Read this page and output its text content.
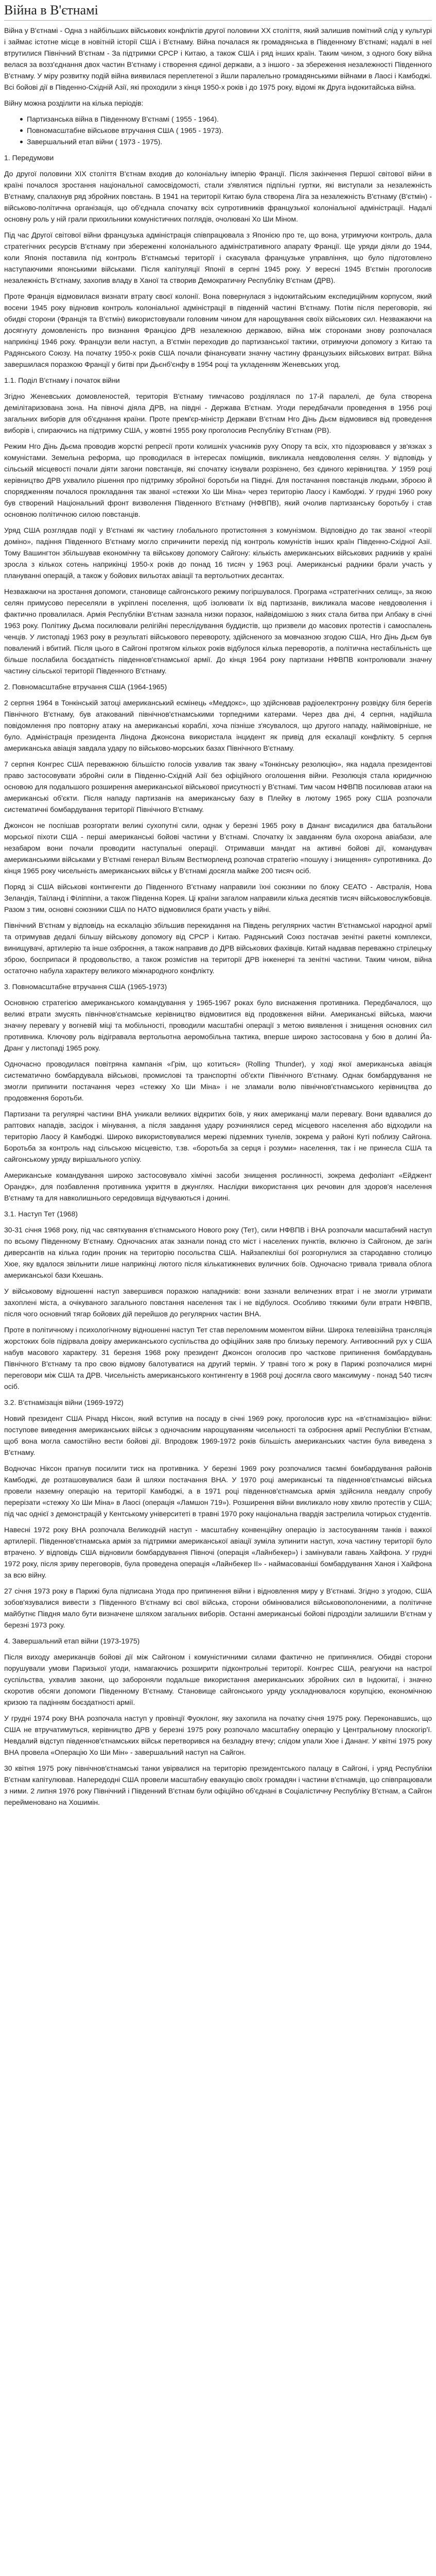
Війна в В'єтнамі

Війна у В'єтнамі - Одна з найбільших військових конфліктів другої половини XX століття, який залишив помітний слід у культурі і займає істотне місце в новітній історії США і В'єтнаму. Війна почалася як громадянська в Південному В'єтнамі; надалі в неї втрутилися Північний В'єтнам - За підтримки СРСР і Китаю, а також США і ряд інших країн. Таким чином, з одного боку війна велася за возз'єднання двох частин В'єтнаму і створення єдиної держави, а з іншого - за збереження незалежності Південного В'єтнаму. У міру розвитку подій війна виявилася переплетеної з йшли паралельно громадянськими війнами в Лаосі і Камбоджі. Всі бойові дії в Південно-Східній Азії, які проходили з кінця 1950-х років і до 1975 року, відомі як Друга індокитайська війна.

Війну можна розділити на кілька періодів:

Партизанська війна в Південному В'єтнамі ( 1955 - 1964).
Повномасштабне військове втручання США ( 1965 - 1973).
Завершальний етап війни ( 1973 - 1975).

1. Передумови

До другої половини XIX століття В'єтнам входив до колоніальну імперію Франції. Після закінчення Першої світової війни в країні почалося зростання національної самосвідомості, стали з'являтися підпільні гуртки, які виступали за незалежність В'єтнаму, спалахнув ряд збройних повстань. В 1941 на території Китаю була створена Ліга за незалежність В'єтнаму (В'єтмін) - військово-політична організація, що об'єднала спочатку всіх супротивників французької колоніальної адміністрації. Надалі основну роль у ній грали прихильники комуністичних поглядів, очолювані Хо Ши Міном.

Під час Другої світової війни французька адміністрація співпрацювала з Японією про те, що вона, утримуючи контроль, дала стратегічних ресурсів В'єтнаму при збереженні колоніального адміністративного апарату Франції. Ще уряди діяли до 1944, коли Японія поставила під контроль В'єтнамські території і скасувала французьке управління, що було підготовлено наступаючими японськими військами. Після капітуляції Японії в серпні 1945 року. У вересні 1945 В'єтмін проголосив незалежність В'єтнаму, захопив владу в Ханої та створив Демократичну Республіку В'єтнам (ДРВ).

Проте Франція відмовилася визнати втрату своєї колонії. Вона повернулася з індокитайським експедиційним корпусом, який восени 1945 року відновив контроль колоніальної адміністрації в південній частині В'єтнаму. Потім після переговорів, які обидві сторони (Франція та В'єтмін) використовували головним чином для нарощування своїх військових сил. Незважаючи на досягнуту домовленість про визнання Францією ДРВ незалежною державою, війна між сторонами знову розпочалася наприкінці 1946 року. Французи вели наступ, а В'єтмін переходив до партизанської тактики, отримуючи допомогу з Китаю та Радянського Союзу. На початку 1950-х років США почали фінансувати значну частину французьких військових витрат. Війна завершилася поразкою Франції у битві при Дьєнб'єнфу в 1954 році та укладенням Женевських угод.

1.1. Поділ В'єтнаму і початок війни

Згідно Женевських домовленостей, територія В'єтнаму тимчасово розділялася по 17-й паралелі, де була створена демілітаризована зона. На півночі діяла ДРВ, на півдні - Держава В'єтнам. Угоди передбачали проведення в 1956 році загальних виборів для об'єднання країни. Проте прем'єр-міністр Держави В'єтнам Нго Дінь Дьєм відмовився від проведення виборів і, спираючись на підтримку США, у жовтні 1955 року проголосив Республіку В'єтнам (РВ).

Режим Нго Дінь Дьєма проводив жорсткі репресії проти колишніх учасників руху Опору та всіх, хто підозрювався у зв'язках з комуністами. Земельна реформа, що проводилася в інтересах поміщиків, викликала невдоволення селян. У відповідь у сільській місцевості почали діяти загони повстанців, які спочатку існували розрізнено, без єдиного керівництва. У 1959 році керівництво ДРВ ухвалило рішення про підтримку збройної боротьби на Півдні. Для постачання повстанців людьми, зброєю й спорядженням почалося прокладання так званої «стежки Хо Ши Міна» через територію Лаосу і Камбоджі. У грудні 1960 року був створений Національний фронт визволення Південного В'єтнаму (НФВПВ), який очолив партизанську боротьбу і став основною політичною силою повстанців.

Уряд США розглядав події у В'єтнамі як частину глобального протистояння з комунізмом. Відповідно до так званої «теорії доміно», падіння Південного В'єтнаму могло спричинити перехід під контроль комуністів інших країн Південно-Східної Азії. Тому Вашингтон збільшував економічну та військову допомогу Сайгону: кількість американських військових радників у країні зросла з кількох сотень наприкінці 1950-х років до понад 16 тисяч у 1963 році. Американські радники брали участь у плануванні операцій, а також у бойових вильотах авіації та вертольотних десантах.

Незважаючи на зростання допомоги, становище сайгонського режиму погіршувалося. Програма «стратегічних селищ», за якою селян примусово переселяли в укріплені поселення, щоб ізолювати їх від партизанів, викликала масове невдоволення і фактично провалилася. Армія Республіки В'єтнам зазнала низки поразок, найвідомішою з яких стала битва при Апбаку в січні 1963 року. Політику Дьєма посилювали релігійні переслідування буддистів, що призвели до масових протестів і самоспалень ченців. У листопаді 1963 року в результаті військового перевороту, здійсненого за мовчазною згодою США, Нго Дінь Дьєм був повалений і вбитий. Після цього в Сайгоні протягом кількох років відбулося кілька переворотів, а політична нестабільність ще більше послабила боєздатність південнов'єтнамської армії. До кінця 1964 року партизани НФВПВ контролювали значну частину сільської території Південного В'єтнаму.

2. Повномасштабне втручання США (1964-1965)

2 серпня 1964 в Тонкінській затоці американський есмінець «Меддокс», що здійснював радіоелектронну розвідку біля берегів Північного В'єтнаму, був атакований північнов'єтнамськими торпедними катерами. Через два дні, 4 серпня, надійшла повідомлення про повторну атаку на американські кораблі, хоча пізніше з'ясувалося, що другого нападу, найімовірніше, не було. Адміністрація президента Ліндона Джонсона використала інцидент як привід для ескалації конфлікту. 5 серпня американська авіація завдала удару по військово-морських базах Північного В'єтнаму.

7 серпня Конгрес США переважною більшістю голосів ухвалив так звану «Тонкінську резолюцію», яка надала президентові право застосовувати збройні сили в Південно-Східній Азії без офіційного оголошення війни. Резолюція стала юридичною основою для подальшого розширення американської військової присутності у В'єтнамі. Тим часом НФВПВ посилював атаки на американські об'єкти. Після нападу партизанів на американську базу в Плейку в лютому 1965 року США розпочали систематичні бомбардування території Північного В'єтнаму.

Джонсон не поспішав розгортати великі сухопутні сили, однак у березні 1965 року в Дананг висадилися два батальйони морської піхоти США - перші американські бойові частини у В'єтнамі. Спочатку їх завданням була охорона авіабази, але незабаром вони почали проводити наступальні операції. Отримавши мандат на активні бойові дії, командувач американськими військами у В'єтнамі генерал Вільям Вестморленд розпочав стратегію «пошуку і знищення» супротивника. До кінця 1965 року чисельність американських військ у В'єтнамі досягла майже 200 тисяч осіб.

Поряд зі США військові контингенти до Південного В'єтнаму направили їхні союзники по блоку СЕАТО - Австралія, Нова Зеландія, Таїланд і Філіппіни, а також Південна Корея. Ці країни загалом направили кілька десятків тисяч військовослужбовців. Разом з тим, основні союзники США по НАТО відмовилися брати участь у війні.

Північний В'єтнам у відповідь на ескалацію збільшив перекидання на Південь регулярних частин В'єтнамської народної армії та отримував дедалі більшу військову допомогу від СРСР і Китаю. Радянський Союз постачав зенітні ракетні комплекси, винищувачі, артилерію та інше озброєння, а також направив до ДРВ військових фахівців. Китай надавав переважно стрілецьку зброю, боєприпаси й продовольство, а також розмістив на території ДРВ інженерні та зенітні частини. Таким чином, війна остаточно набула характеру великого міжнародного конфлікту.

3. Повномасштабне втручання США (1965-1973)

Основною стратегією американського командування у 1965-1967 роках було виснаження противника. Передбачалося, що великі втрати змусять північнов'єтнамське керівництво відмовитися від продовження війни. Американські війська, маючи значну перевагу у вогневій міці та мобільності, проводили масштабні операції з метою виявлення і знищення основних сил противника. Ключову роль відігравала вертольотна аеромобільна тактика, вперше широко застосована у бою в долині Йа-Дранг у листопаді 1965 року.

Одночасно проводилася повітряна кампанія «Грім, що котиться» (Rolling Thunder), у ході якої американська авіація систематично бомбардувала військові, промислові та транспортні об'єкти Північного В'єтнаму. Однак бомбардування не змогли припинити постачання через «стежку Хо Ши Міна» і не зламали волю північнов'єтнамського керівництва до продовження боротьби.

Партизани та регулярні частини ВНА уникали великих відкритих боїв, у яких американці мали перевагу. Вони вдавалися до раптових нападів, засідок і мінування, а після завдання удару розчинялися серед місцевого населення або відходили на територію Лаосу й Камбоджі. Широко використовувалися мережі підземних тунелів, зокрема у районі Куті поблизу Сайгона. Боротьба за контроль над сільською місцевістю, т.зв. «боротьба за серця і розуми» населення, так і не принесла США та сайгонському уряду вирішального успіху.

Американське командування широко застосовувало хімічні засоби знищення рослинності, зокрема дефоліант «Ейджент Орандж», для позбавлення противника укриття в джунглях. Наслідки використання цих речовин для здоров'я населення В'єтнаму та для навколишнього середовища відчуваються і донині.

3.1. Наступ Тет (1968)

30-31 січня 1968 року, під час святкування в'єтнамського Нового року (Тет), сили НФВПВ і ВНА розпочали масштабний наступ по всьому Південному В'єтнаму. Одночасних атак зазнали понад сто міст і населених пунктів, включно із Сайгоном, де загін диверсантів на кілька годин проник на територію посольства США. Найзапекліші бої розгорнулися за стародавню столицю Хюе, яку вдалося звільнити лише наприкінці лютого після кількатижневих вуличних боїв. Одночасно тривала тривала облога американської бази Кхешань.

У військовому відношенні наступ завершився поразкою нападників: вони зазнали величезних втрат і не змогли утримати захоплені міста, а очікуваного загального повстання населення так і не відбулося. Особливо тяжкими були втрати НФВПВ, після чого основний тягар бойових дій перейшов до регулярних частин ВНА.

Проте в політичному і психологічному відношенні наступ Тет став переломним моментом війни. Широка телевізійна трансляція жорстоких боїв підірвала довіру американського суспільства до офіційних заяв про близьку перемогу. Антивоєнний рух у США набув масового характеру. 31 березня 1968 року президент Джонсон оголосив про часткове припинення бомбардувань Північного В'єтнаму та про свою відмову балотуватися на другий термін. У травні того ж року в Парижі розпочалися мирні переговори між США та ДРВ. Чисельність американського контингенту в 1968 році досягла свого максимуму - понад 540 тисяч осіб.

3.2. В'єтнамізація війни (1969-1972)

Новий президент США Річард Ніксон, який вступив на посаду в січні 1969 року, проголосив курс на «в'єтнамізацію» війни: поступове виведення американських військ з одночасним нарощуванням чисельності та озброєння армії Республіки В'єтнам, щоб вона могла самостійно вести бойові дії. Впродовж 1969-1972 років більшість американських частин була виведена з В'єтнаму.

Водночас Ніксон прагнув посилити тиск на противника. У березні 1969 року розпочалися таємні бомбардування районів Камбоджі, де розташовувалися бази й шляхи постачання ВНА. У 1970 році американські та південнов'єтнамські війська провели наземну операцію на території Камбоджі, а в 1971 році південнов'єтнамська армія здійснила невдалу спробу перерізати «стежку Хо Ши Міна» в Лаосі (операція «Ламшон 719»). Розширення війни викликало нову хвилю протестів у США; під час однієї з демонстрацій у Кентському університеті в травні 1970 року національна гвардія застрелила чотирьох студентів.

Навесні 1972 року ВНА розпочала Великодній наступ - масштабну конвенційну операцію із застосуванням танків і важкої артилерії. Південнов'єтнамська армія за підтримки американської авіації зуміла зупинити наступ, хоча частину території було втрачено. У відповідь США відновили бомбардування Півночі (операція «Лайнбекер») і замінували гавань Хайфона. У грудні 1972 року, після зриву переговорів, була проведена операція «Лайнбекер II» - наймасованіші бомбардування Ханоя і Хайфона за всю війну.

27 січня 1973 року в Парижі була підписана Угода про припинення війни і відновлення миру у В'єтнамі. Згідно з угодою, США зобов'язувалися вивести з Південного В'єтнаму всі свої війська, сторони обмінювалися військовополоненими, а політичне майбутнє Півдня мало бути визначене шляхом загальних виборів. Останні американські бойові підрозділи залишили В'єтнам у березні 1973 року.

4. Завершальний етап війни (1973-1975)

Після виходу американців бойові дії між Сайгоном і комуністичними силами фактично не припинялися. Обидві сторони порушували умови Паризької угоди, намагаючись розширити підконтрольні території. Конгрес США, реагуючи на настрої суспільства, ухвалив закони, що забороняли подальше використання американських збройних сил в Індокитаї, і значно скоротив обсяги допомоги Південному В'єтнаму. Становище сайгонського уряду ускладнювалося корупцією, економічною кризою та падінням боєздатності армії.

У грудні 1974 року ВНА розпочала наступ у провінції Фуоклонг, яку захопила на початку січня 1975 року. Переконавшись, що США не втручатимуться, керівництво ДРВ у березні 1975 року розпочало масштабну операцію у Центральному плоскогір'ї. Невдалий відступ південнов'єтнамських військ перетворився на безладну втечу; слідом упали Хюе і Дананг. У квітні 1975 року ВНА провела «Операцію Хо Ши Мін» - завершальний наступ на Сайгон.

30 квітня 1975 року північнов'єтнамські танки увірвалися на територію президентського палацу в Сайгоні, і уряд Республіки В'єтнам капітулював. Напередодні США провели масштабну евакуацію своїх громадян і частини в'єтнамців, що співпрацювали з ними. 2 липня 1976 року Північний і Південний В'єтнам були офіційно об'єднані в Соціалістичну Республіку В'єтнам, а Сайгон перейменовано на Хошимін.
